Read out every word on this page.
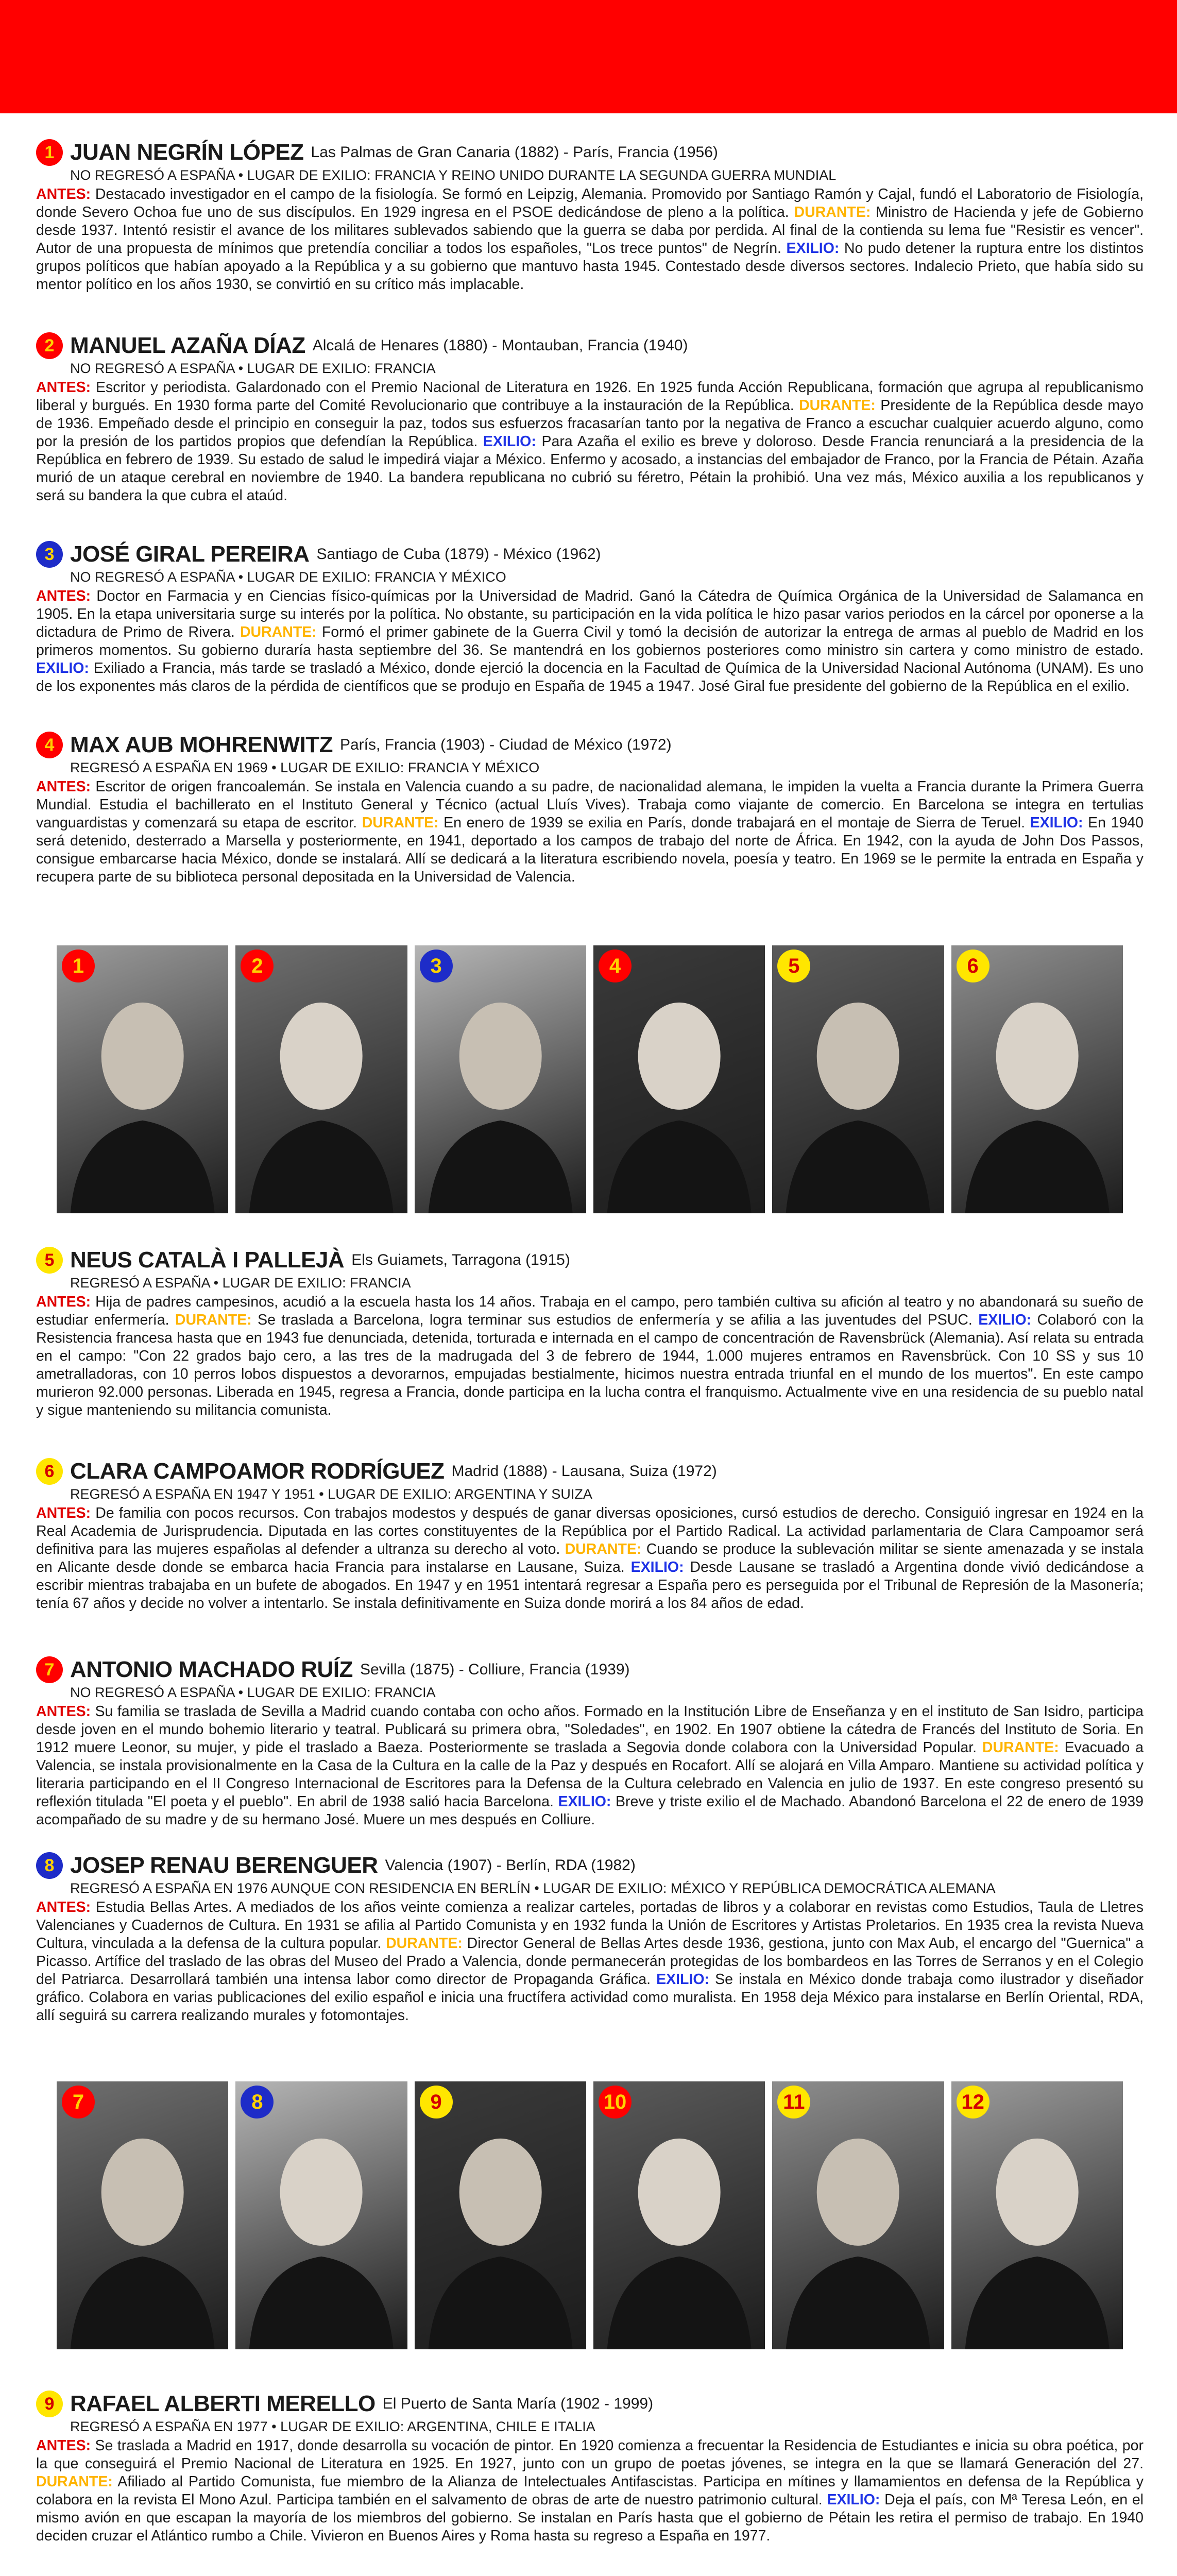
1 JUAN NEGRÍN LÓPEZ Las Palmas de Gran Canaria (1882) - París, Francia (1956)
NO REGRESÓ A ESPAÑA • LUGAR DE EXILIO: FRANCIA Y REINO UNIDO DURANTE LA SEGUNDA GUERRA MUNDIAL
ANTES: Destacado investigador en el campo de la fisiología. Se formó en Leipzig, Alemania. Promovido por Santiago Ramón y Cajal, fundó el Laboratorio de Fisiología, donde Severo Ochoa fue uno de sus discípulos. En 1929 ingresa en el PSOE dedicándose de pleno a la política. DURANTE: Ministro de Hacienda y jefe de Gobierno desde 1937. Intentó resistir el avance de los militares sublevados sabiendo que la guerra se daba por perdida. Al final de la contienda su lema fue "Resistir es vencer". Autor de una propuesta de mínimos que pretendía conciliar a todos los españoles, "Los trece puntos" de Negrín. EXILIO: No pudo detener la ruptura entre los distintos grupos políticos que habían apoyado a la República y a su gobierno que mantuvo hasta 1945. Contestado desde diversos sectores. Indalecio Prieto, que había sido su mentor político en los años 1930, se convirtió en su crítico más implacable.
2 MANUEL AZAÑA DÍAZ Alcalá de Henares (1880) - Montauban, Francia (1940)
NO REGRESÓ A ESPAÑA • LUGAR DE EXILIO: FRANCIA
ANTES: Escritor y periodista. Galardonado con el Premio Nacional de Literatura en 1926. En 1925 funda Acción Republicana, formación que agrupa al republicanismo liberal y burgués. En 1930 forma parte del Comité Revolucionario que contribuye a la instauración de la República. DURANTE: Presidente de la República desde mayo de 1936. Empeñado desde el principio en conseguir la paz, todos sus esfuerzos fracasarían tanto por la negativa de Franco a escuchar cualquier acuerdo alguno, como por la presión de los partidos propios que defendían la República. EXILIO: Para Azaña el exilio es breve y doloroso. Desde Francia renunciará a la presidencia de la República en febrero de 1939. Su estado de salud le impedirá viajar a México. Enfermo y acosado, a instancias del embajador de Franco, por la Francia de Pétain. Azaña murió de un ataque cerebral en noviembre de 1940. La bandera republicana no cubrió su féretro, Pétain la prohibió. Una vez más, México auxilia a los republicanos y será su bandera la que cubra el ataúd.
3 JOSÉ GIRAL PEREIRA Santiago de Cuba (1879) - México (1962)
NO REGRESÓ A ESPAÑA • LUGAR DE EXILIO: FRANCIA Y MÉXICO
ANTES: Doctor en Farmacia y en Ciencias físico-químicas por la Universidad de Madrid. Ganó la Cátedra de Química Orgánica de la Universidad de Salamanca en 1905. En la etapa universitaria surge su interés por la política. No obstante, su participación en la vida política le hizo pasar varios periodos en la cárcel por oponerse a la dictadura de Primo de Rivera. DURANTE: Formó el primer gabinete de la Guerra Civil y tomó la decisión de autorizar la entrega de armas al pueblo de Madrid en los primeros momentos. Su gobierno duraría hasta septiembre del 36. Se mantendrá en los gobiernos posteriores como ministro sin cartera y como ministro de estado. EXILIO: Exiliado a Francia, más tarde se trasladó a México, donde ejerció la docencia en la Facultad de Química de la Universidad Nacional Autónoma (UNAM). Es uno de los exponentes más claros de la pérdida de científicos que se produjo en España de 1945 a 1947. José Giral fue presidente del gobierno de la República en el exilio.
4 MAX AUB MOHRENWITZ París, Francia (1903) - Ciudad de México (1972)
REGRESÓ A ESPAÑA EN 1969 • LUGAR DE EXILIO: FRANCIA Y MÉXICO
ANTES: Escritor de origen francoalemán. Se instala en Valencia cuando a su padre, de nacionalidad alemana, le impiden la vuelta a Francia durante la Primera Guerra Mundial. Estudia el bachillerato en el Instituto General y Técnico (actual Lluís Vives). Trabaja como viajante de comercio. En Barcelona se integra en tertulias vanguardistas y comenzará su etapa de escritor. DURANTE: En enero de 1939 se exilia en París, donde trabajará en el montaje de Sierra de Teruel. EXILIO: En 1940 será detenido, desterrado a Marsella y posteriormente, en 1941, deportado a los campos de trabajo del norte de África. En 1942, con la ayuda de John Dos Passos, consigue embarcarse hacia México, donde se instalará. Allí se dedicará a la literatura escribiendo novela, poesía y teatro. En 1969 se le permite la entrada en España y recupera parte de su biblioteca personal depositada en la Universidad de Valencia.
5 NEUS CATALÀ I PALLEJÀ Els Guiamets, Tarragona (1915)
REGRESÓ A ESPAÑA • LUGAR DE EXILIO: FRANCIA
ANTES: Hija de padres campesinos, acudió a la escuela hasta los 14 años. Trabaja en el campo, pero también cultiva su afición al teatro y no abandonará su sueño de estudiar enfermería. DURANTE: Se traslada a Barcelona, logra terminar sus estudios de enfermería y se afilia a las juventudes del PSUC. EXILIO: Colaboró con la Resistencia francesa hasta que en 1943 fue denunciada, detenida, torturada e internada en el campo de concentración de Ravensbrück (Alemania). Así relata su entrada en el campo: "Con 22 grados bajo cero, a las tres de la madrugada del 3 de febrero de 1944, 1.000 mujeres entramos en Ravensbrück. Con 10 SS y sus 10 ametralladoras, con 10 perros lobos dispuestos a devorarnos, empujadas bestialmente, hicimos nuestra entrada triunfal en el mundo de los muertos". En este campo murieron 92.000 personas. Liberada en 1945, regresa a Francia, donde participa en la lucha contra el franquismo. Actualmente vive en una residencia de su pueblo natal y sigue manteniendo su militancia comunista.
6 CLARA CAMPOAMOR RODRÍGUEZ Madrid (1888) - Lausana, Suiza (1972)
REGRESÓ A ESPAÑA EN 1947 Y 1951 • LUGAR DE EXILIO: ARGENTINA Y SUIZA
ANTES: De familia con pocos recursos. Con trabajos modestos y después de ganar diversas oposiciones, cursó estudios de derecho. Consiguió ingresar en 1924 en la Real Academia de Jurisprudencia. Diputada en las cortes constituyentes de la República por el Partido Radical. La actividad parlamentaria de Clara Campoamor será definitiva para las mujeres españolas al defender a ultranza su derecho al voto. DURANTE: Cuando se produce la sublevación militar se siente amenazada y se instala en Alicante desde donde se embarca hacia Francia para instalarse en Lausane, Suiza. EXILIO: Desde Lausane se trasladó a Argentina donde vivió dedicándose a escribir mientras trabajaba en un bufete de abogados. En 1947 y en 1951 intentará regresar a España pero es perseguida por el Tribunal de Represión de la Masonería; tenía 67 años y decide no volver a intentarlo. Se instala definitivamente en Suiza donde morirá a los 84 años de edad.
7 ANTONIO MACHADO RUÍZ Sevilla (1875) - Colliure, Francia (1939)
NO REGRESÓ A ESPAÑA • LUGAR DE EXILIO: FRANCIA
ANTES: Su familia se traslada de Sevilla a Madrid cuando contaba con ocho años. Formado en la Institución Libre de Enseñanza y en el instituto de San Isidro, participa desde joven en el mundo bohemio literario y teatral. Publicará su primera obra, "Soledades", en 1902. En 1907 obtiene la cátedra de Francés del Instituto de Soria. En 1912 muere Leonor, su mujer, y pide el traslado a Baeza. Posteriormente se traslada a Segovia donde colabora con la Universidad Popular. DURANTE: Evacuado a Valencia, se instala provisionalmente en la Casa de la Cultura en la calle de la Paz y después en Rocafort. Allí se alojará en Villa Amparo. Mantiene su actividad política y literaria participando en el II Congreso Internacional de Escritores para la Defensa de la Cultura celebrado en Valencia en julio de 1937. En este congreso presentó su reflexión titulada "El poeta y el pueblo". En abril de 1938 salió hacia Barcelona. EXILIO: Breve y triste exilio el de Machado. Abandonó Barcelona el 22 de enero de 1939 acompañado de su madre y de su hermano José. Muere un mes después en Colliure.
8 JOSEP RENAU BERENGUER Valencia (1907) - Berlín, RDA (1982)
REGRESÓ A ESPAÑA EN 1976 AUNQUE CON RESIDENCIA EN BERLÍN • LUGAR DE EXILIO: MÉXICO Y REPÚBLICA DEMOCRÁTICA ALEMANA
ANTES: Estudia Bellas Artes. A mediados de los años veinte comienza a realizar carteles, portadas de libros y a colaborar en revistas como Estudios, Taula de Lletres Valencianes y Cuadernos de Cultura. En 1931 se afilia al Partido Comunista y en 1932 funda la Unión de Escritores y Artistas Proletarios. En 1935 crea la revista Nueva Cultura, vinculada a la defensa de la cultura popular. DURANTE: Director General de Bellas Artes desde 1936, gestiona, junto con Max Aub, el encargo del "Guernica" a Picasso. Artífice del traslado de las obras del Museo del Prado a Valencia, donde permanecerán protegidas de los bombardeos en las Torres de Serranos y en el Colegio del Patriarca. Desarrollará también una intensa labor como director de Propaganda Gráfica. EXILIO: Se instala en México donde trabaja como ilustrador y diseñador gráfico. Colabora en varias publicaciones del exilio español e inicia una fructífera actividad como muralista. En 1958 deja México para instalarse en Berlín Oriental, RDA, allí seguirá su carrera realizando murales y fotomontajes.
9 RAFAEL ALBERTI MERELLO El Puerto de Santa María (1902 - 1999)
REGRESÓ A ESPAÑA EN 1977 • LUGAR DE EXILIO: ARGENTINA, CHILE E ITALIA
ANTES: Se traslada a Madrid en 1917, donde desarrolla su vocación de pintor. En 1920 comienza a frecuentar la Residencia de Estudiantes e inicia su obra poética, por la que conseguirá el Premio Nacional de Literatura en 1925. En 1927, junto con un grupo de poetas jóvenes, se integra en la que se llamará Generación del 27. DURANTE: Afiliado al Partido Comunista, fue miembro de la Alianza de Intelectuales Antifascistas. Participa en mítines y llamamientos en defensa de la República y colabora en la revista El Mono Azul. Participa también en el salvamento de obras de arte de nuestro patrimonio cultural. EXILIO: Deja el país, con Mª Teresa León, en el mismo avión en que escapan la mayoría de los miembros del gobierno. Se instalan en París hasta que el gobierno de Pétain les retira el permiso de trabajo. En 1940 deciden cruzar el Atlántico rumbo a Chile. Vivieron en Buenos Aires y Roma hasta su regreso a España en 1977.
1	2	3	4	5	6
7	8	9	10	11	12
